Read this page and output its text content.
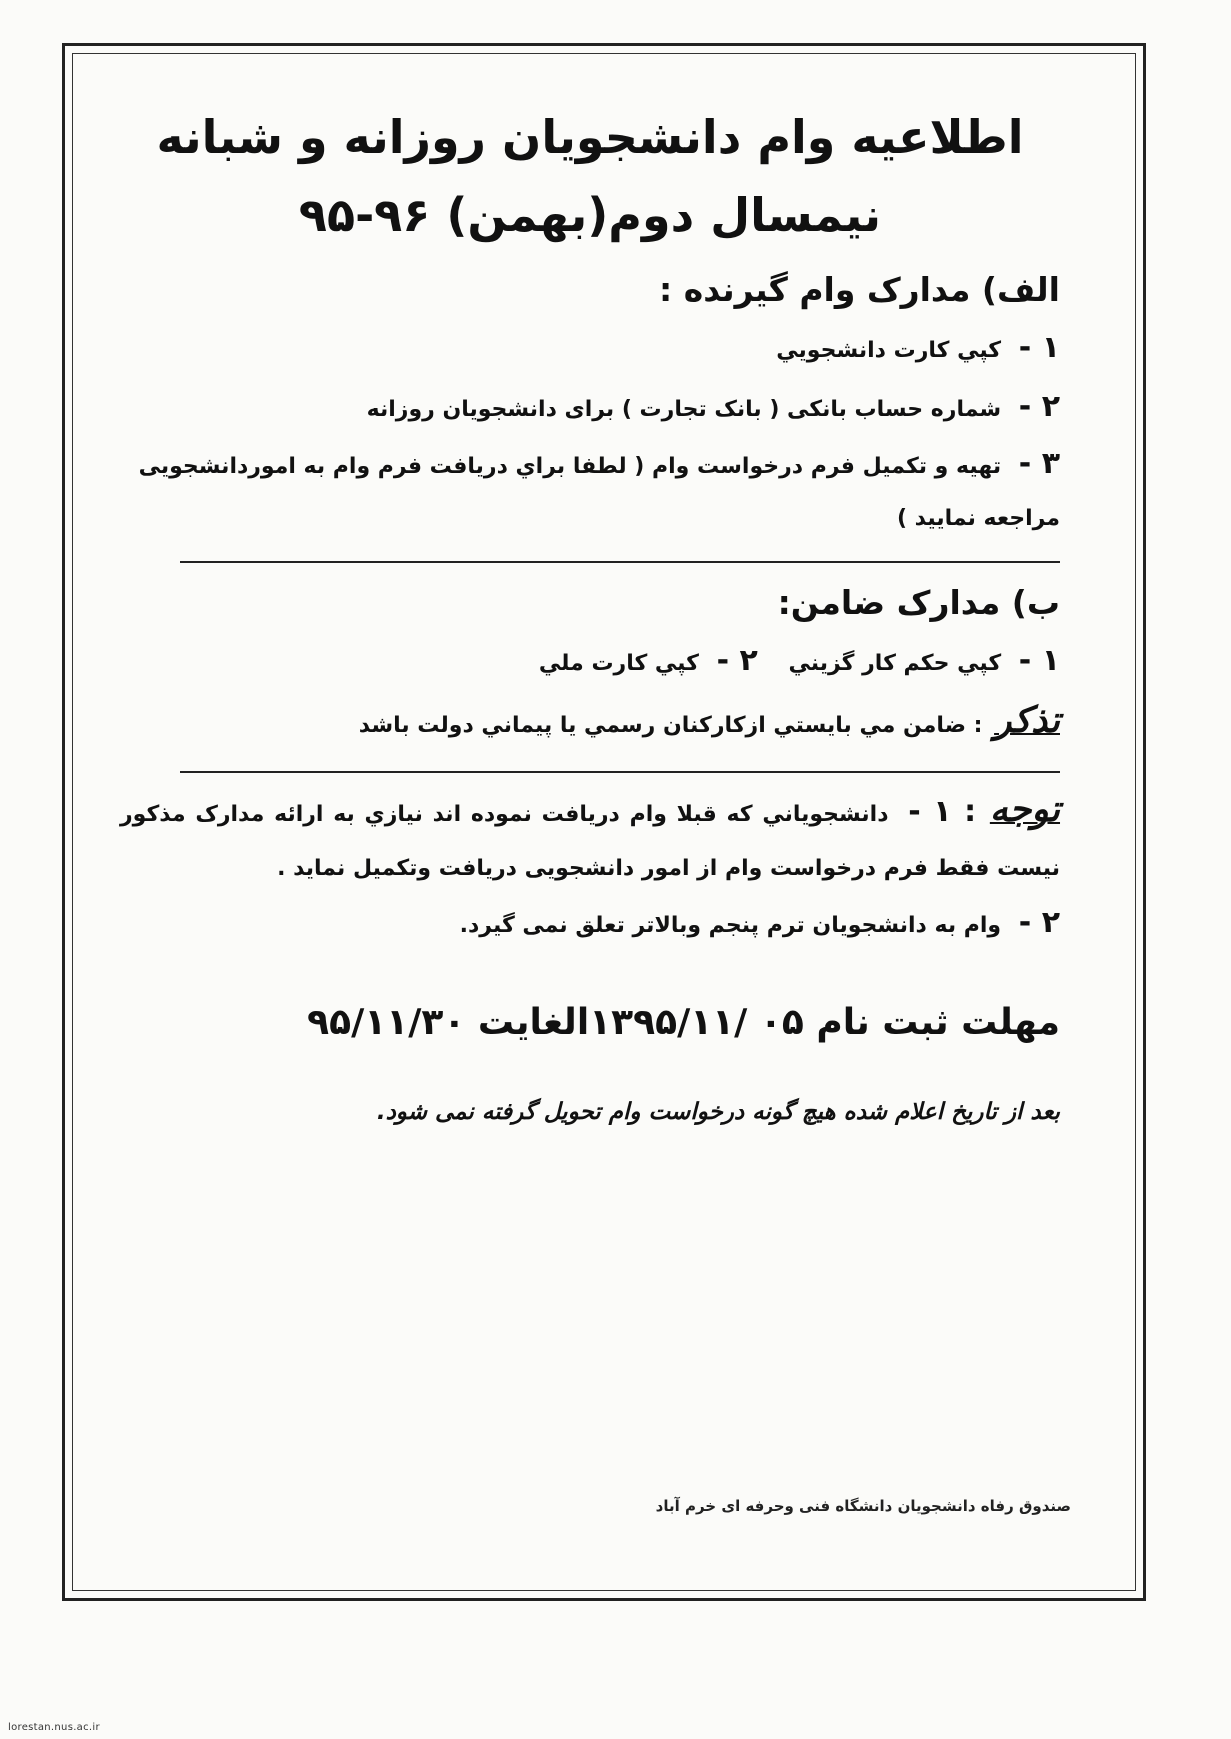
اطلاعیه وام دانشجویان روزانه و شبانه
نیمسال دوم(بهمن) ۹۶-۹۵

الف) مدارک وام گیرنده :

۱ - کپي کارت دانشجويي

۲ - شماره حساب بانکی ( بانک تجارت ) برای دانشجویان روزانه

۳ - تهیه و تکمیل فرم درخواست وام ( لطفا براي دريافت فرم وام به اموردانشجویی مراجعه نمایید )

ب) مدارک ضامن:

۱ - کپي حکم کار گزيني    ۲ - کپي کارت ملي

تذکر : ضامن مي بايستي ازکارکنان رسمي يا پيماني دولت باشد

توجه : ۱ - دانشجوياني که قبلا وام دريافت نموده اند نيازي به ارائه مدارک مذکور نیست فقط فرم درخواست وام از امور دانشجویی دریافت وتکمیل نماید .

۲ - وام به دانشجویان ترم پنجم وبالاتر تعلق نمی گیرد.

مهلت ثبت نام ۰۵ /۱۳۹۵/۱۱الغایت ۹۵/۱۱/۳۰

بعد از تاریخ اعلام شده هیچ گونه درخواست وام تحویل گرفته نمی شود.

صندوق رفاه دانشجویان دانشگاه فنی وحرفه ای خرم آباد
lorestan.nus.ac.ir
